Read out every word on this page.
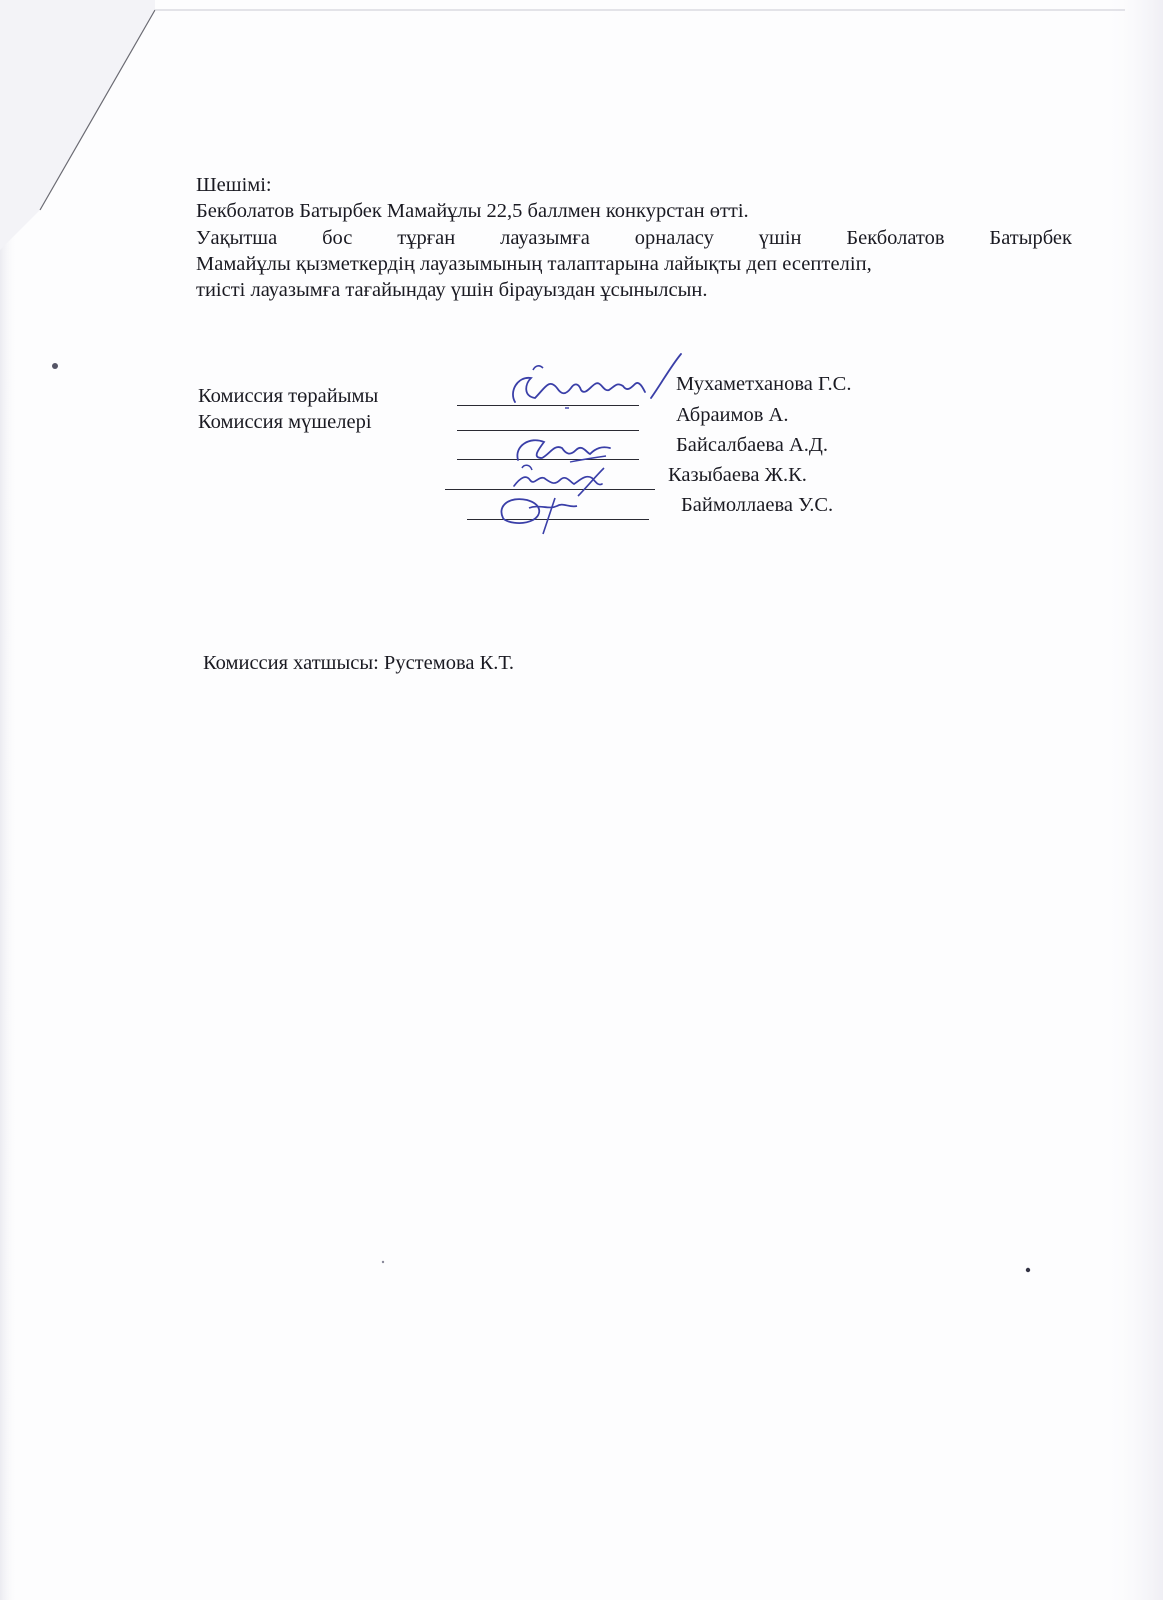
Шешімі:
Бекболатов Батырбек Мамайұлы 22,5 баллмен конкурстан өтті.
Уақытша бос тұрған лауазымға орналасу үшін Бекболатов Батырбек
Мамайұлы қызметкердің лауазымының талаптарына лайықты деп есептеліп,
тиісті лауазымға тағайындау үшін бірауыздан ұсынылсын.
Комиссия төрайымы
Комиссия мүшелері
Мухаметханова Г.С.
Абраимов А.
Байсалбаева А.Д.
Казыбаева Ж.К.
Баймоллаева У.С.
Комиссия хатшысы: Рустемова К.Т.
